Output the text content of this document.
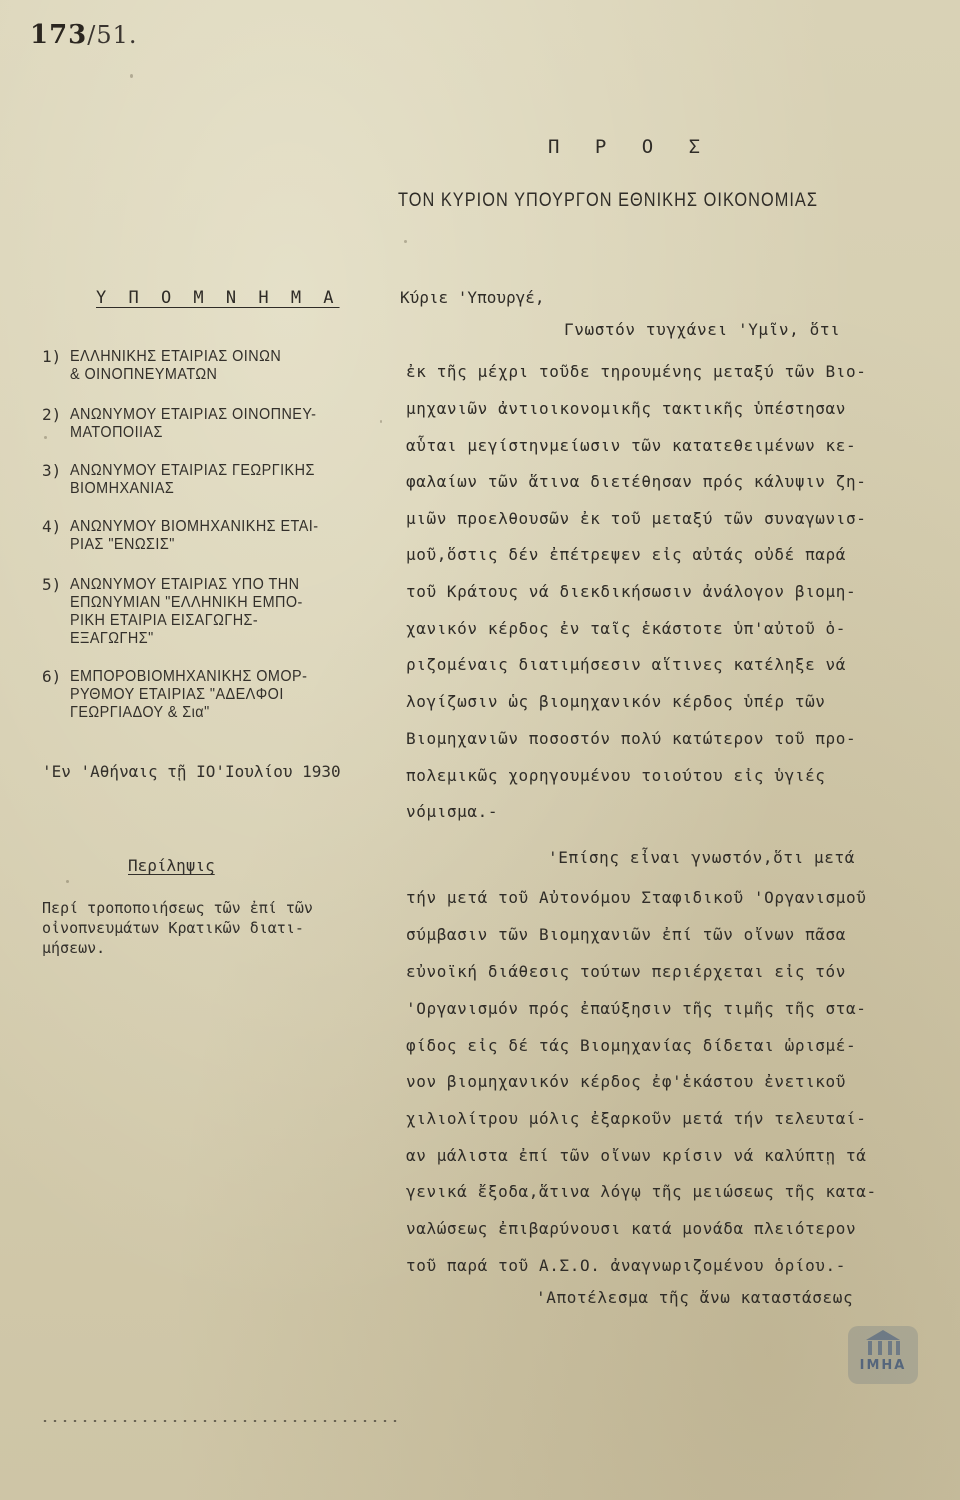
173/51.
Π Ρ Ο Σ
ΤΟΝ ΚΥΡΙΟΝ ΥΠΟΥΡΓΟΝ ΕΘΝΙΚΗΣ ΟΙΚΟΝΟΜΙΑΣ
Υ Π Ο Μ Ν Η Μ Α
1) ΕΛΛΗΝΙΚΗΣ ΕΤΑΙΡΙΑΣ ΟΙΝΩΝ
& ΟΙΝΟΠΝΕΥΜΑΤΩΝ
2) ΑΝΩΝΥΜΟΥ ΕΤΑΙΡΙΑΣ ΟΙΝΟΠΝΕΥ-
ΜΑΤΟΠΟΙΙΑΣ
3) ΑΝΩΝΥΜΟΥ ΕΤΑΙΡΙΑΣ ΓΕΩΡΓΙΚΗΣ
ΒΙΟΜΗΧΑΝΙΑΣ
4) ΑΝΩΝΥΜΟΥ ΒΙΟΜΗΧΑΝΙΚΗΣ ΕΤΑΙ-
ΡΙΑΣ "ΕΝΩΣΙΣ"
5) ΑΝΩΝΥΜΟΥ ΕΤΑΙΡΙΑΣ ΥΠΟ ΤΗΝ
ΕΠΩΝΥΜΙΑΝ "ΕΛΛΗΝΙΚΗ ΕΜΠΟ-
ΡΙΚΗ ΕΤΑΙΡΙΑ ΕΙΣΑΓΩΓΗΣ-
ΕΞΑΓΩΓΗΣ"
6) ΕΜΠΟΡΟΒΙΟΜΗΧΑΝΙΚΗΣ ΟΜΟΡ-
ΡΥΘΜΟΥ ΕΤΑΙΡΙΑΣ "ΑΔΕΛΦΟΙ
ΓΕΩΡΓΙΑΔΟΥ & Σια"
'Εν 'Αθήναις τῇ ΙΟ'Ιουλίου 1930
Περίληψις
Περί τροποποιήσεως τῶν ἐπί τῶν
οἰνοπνευμάτων Κρατικῶν διατι-
μήσεων.
Κύριε 'Υπουργέ,
Γνωστόν τυγχάνει 'Υμῖν, ὅτι
ἐκ τῆς μέχρι τοῦδε τηρουμένης μεταξύ τῶν Βιο-
μηχανιῶν ἀντιοικονομικῆς τακτικῆς ὑπέστησαν
αὗται μεγίστηνμείωσιν τῶν κατατεθειμένων κε-
φαλαίων τῶν ἅτινα διετέθησαν πρός κάλυψιν ζη-
μιῶν προελθουσῶν ἐκ τοῦ μεταξύ τῶν συναγωνισ-
μοῦ,ὅστις δέν ἐπέτρεψεν εἰς αὐτάς οὐδέ παρά
τοῦ Κράτους νά διεκδικήσωσιν ἀνάλογον βιομη-
χανικόν κέρδος ἐν ταῖς ἑκάστοτε ὑπ'αὐτοῦ ὁ-
ριζομέναις διατιμήσεσιν αἵτινες κατέληξε νά
λογίζωσιν ὡς βιομηχανικόν κέρδος ὑπέρ τῶν
Βιομηχανιῶν ποσοστόν πολύ κατώτερον τοῦ προ-
πολεμικῶς χορηγουμένου τοιούτου εἰς ὑγιές
νόμισμα.-
'Επίσης εἶναι γνωστόν,ὅτι μετά
τήν μετά τοῦ Αὐτονόμου Σταφιδικοῦ 'Οργανισμοῦ
σύμβασιν τῶν Βιομηχανιῶν ἐπί τῶν οἴνων πᾶσα
εὐνοϊκή διάθεσις τούτων περιέρχεται εἰς τόν
'Οργανισμόν πρός ἐπαύξησιν τῆς τιμῆς τῆς στα-
φίδος εἰς δέ τάς Βιομηχανίας δίδεται ὡρισμέ-
νον βιομηχανικόν κέρδος ἐφ'ἑκάστου ἐνετικοῦ
χιλιολίτρου μόλις ἐξαρκοῦν μετά τήν τελευταί-
αν μάλιστα ἐπί τῶν οἴνων κρίσιν νά καλύπτῃ τά
γενικά ἔξοδα,ἅτινα λόγῳ τῆς μειώσεως τῆς κατα-
ναλώσεως ἐπιβαρύνουσι κατά μονάδα πλειότερον
τοῦ παρά τοῦ Α.Σ.Ο. ἀναγνωριζομένου ὁρίου.-
'Αποτέλεσμα τῆς ἄνω καταστάσεως
ΙΜΗΑ
